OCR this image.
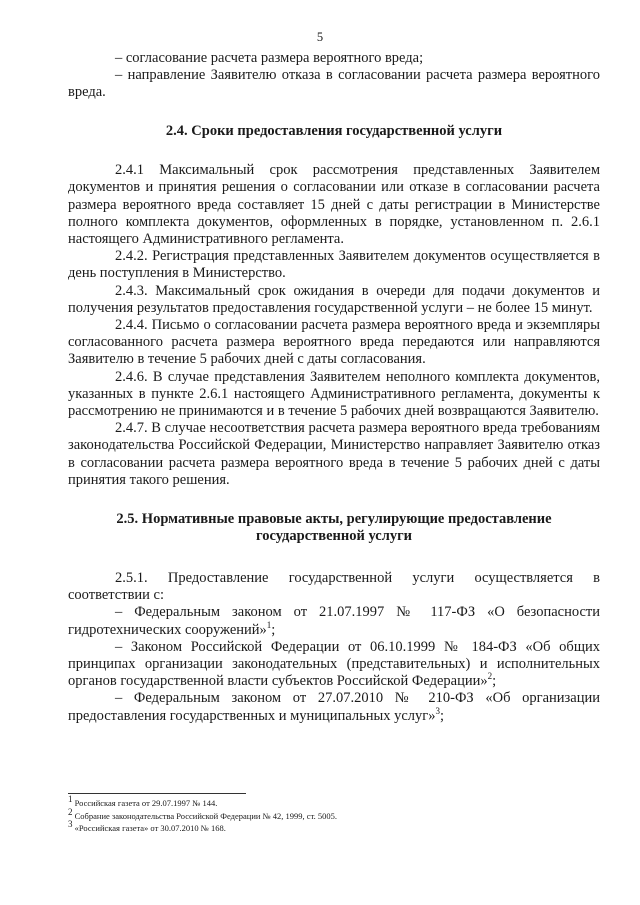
5

– согласование расчета размера вероятного вреда;

– направление Заявителю отказа в согласовании расчета размера вероятного вреда.

2.4. Сроки предоставления государственной услуги

2.4.1 Максимальный срок рассмотрения представленных Заявителем документов и принятия решения о согласовании или отказе в согласовании расчета размера вероятного вреда составляет 15 дней с даты регистрации в Министерстве полного комплекта документов, оформленных в порядке, установленном п. 2.6.1 настоящего Административного регламента.

2.4.2. Регистрация представленных Заявителем документов осуществляется в день поступления в Министерство.

2.4.3. Максимальный срок ожидания в очереди для подачи документов и получения результатов предоставления государственной услуги – не более 15 минут.

2.4.4. Письмо о согласовании расчета размера вероятного вреда и экземпляры согласованного расчета размера вероятного вреда передаются или направляются Заявителю в течение 5 рабочих дней с даты согласования.

2.4.6. В случае представления Заявителем неполного комплекта документов, указанных в пункте 2.6.1 настоящего Административного регламента, документы к рассмотрению не принимаются и в течение 5 рабочих дней возвращаются Заявителю.

2.4.7. В случае несоответствия расчета размера вероятного вреда требованиям законодательства Российской Федерации, Министерство направляет Заявителю отказ в согласовании расчета размера вероятного вреда в течение 5 рабочих дней с даты принятия такого решения.

2.5. Нормативные правовые акты, регулирующие предоставление
государственной услуги

2.5.1. Предоставление государственной услуги осуществляется в соответствии с:

– Федеральным законом от 21.07.1997 № 117-ФЗ «О безопасности гидротехнических сооружений»$^1$;

– Законом Российской Федерации от 06.10.1999 № 184-ФЗ «Об общих принципах организации законодательных (представительных) и исполнительных органов государственной власти субъектов Российской Федерации»$^2$;

– Федеральным законом от 27.07.2010 № 210-ФЗ «Об организации предоставления государственных и муниципальных услуг»$^3$;

$^1$ Российская газета от 29.07.1997 № 144.
$^2$ Собрание законодательства Российской Федерации № 42, 1999, ст. 5005.
$^3$ «Российская газета» от 30.07.2010 № 168.
